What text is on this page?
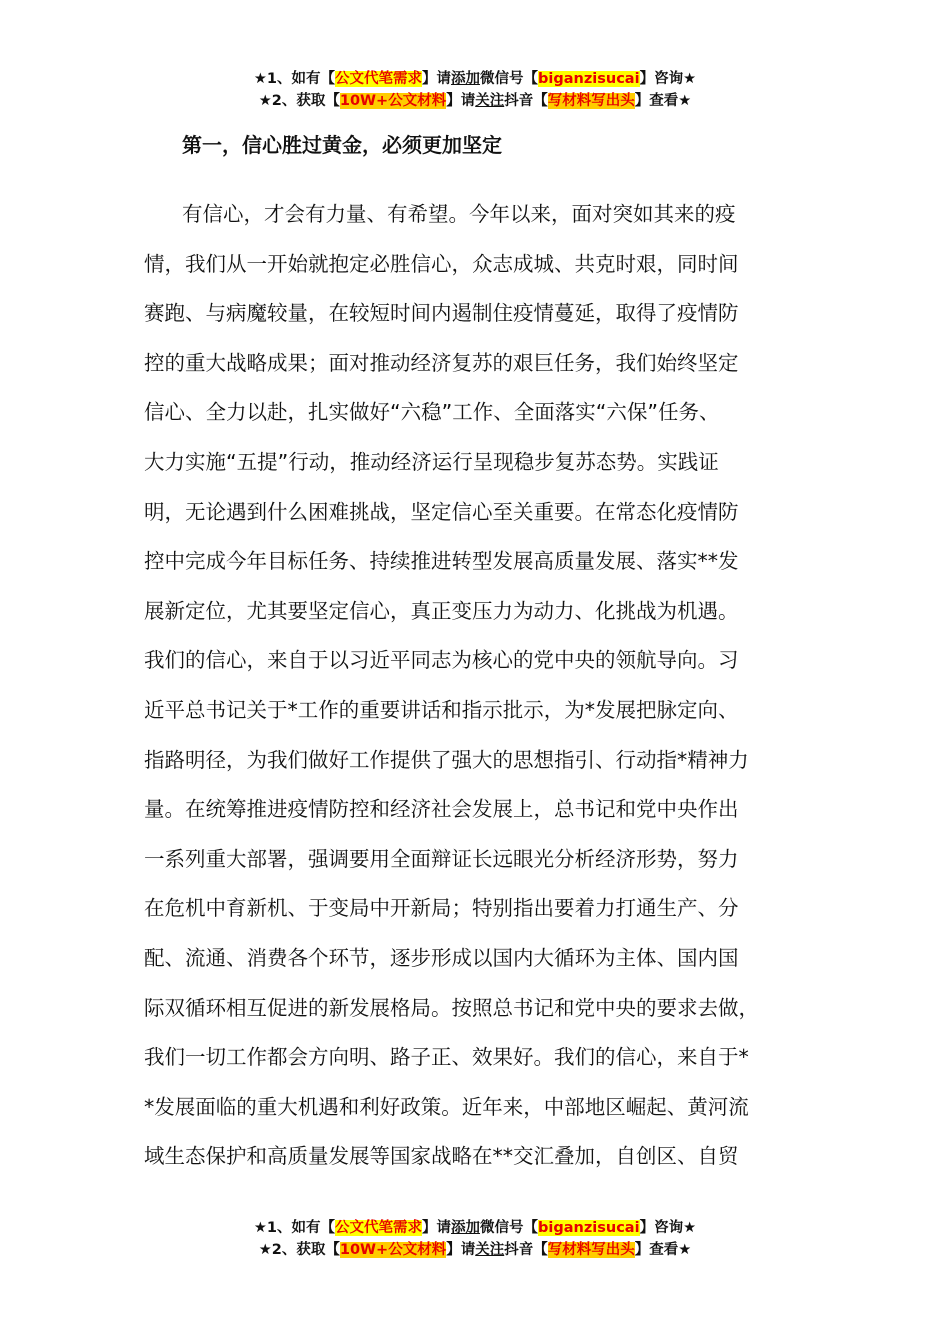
★1、如有【公文代笔需求】请添加微信号【biganzisucai】咨询★
★2、获取【10W+公文材料】请关注抖音【写材料写出头】查看★
第一，信心胜过黄金，必须更加坚定
有信心，才会有力量、有希望。今年以来，面对突如其来的疫
情，我们从一开始就抱定必胜信心，众志成城、共克时艰，同时间
赛跑、与病魔较量，在较短时间内遏制住疫情蔓延，取得了疫情防
控的重大战略成果；面对推动经济复苏的艰巨任务，我们始终坚定
信心、全力以赴，扎实做好“六稳”工作、全面落实“六保”任务、
大力实施“五提”行动，推动经济运行呈现稳步复苏态势。实践证
明，无论遇到什么困难挑战，坚定信心至关重要。在常态化疫情防
控中完成今年目标任务、持续推进转型发展高质量发展、落实**发
展新定位，尤其要坚定信心，真正变压力为动力、化挑战为机遇。
我们的信心，来自于以习近平同志为核心的党中央的领航导向。习
近平总书记关于*工作的重要讲话和指示批示，为*发展把脉定向、
指路明径，为我们做好工作提供了强大的思想指引、行动指*精神力
量。在统筹推进疫情防控和经济社会发展上，总书记和党中央作出
一系列重大部署，强调要用全面辩证长远眼光分析经济形势，努力
在危机中育新机、于变局中开新局；特别指出要着力打通生产、分
配、流通、消费各个环节，逐步形成以国内大循环为主体、国内国
际双循环相互促进的新发展格局。按照总书记和党中央的要求去做，
我们一切工作都会方向明、路子正、效果好。我们的信心，来自于*
*发展面临的重大机遇和利好政策。近年来，中部地区崛起、黄河流
域生态保护和高质量发展等国家战略在**交汇叠加，自创区、自贸
★1、如有【公文代笔需求】请添加微信号【biganzisucai】咨询★
★2、获取【10W+公文材料】请关注抖音【写材料写出头】查看★
